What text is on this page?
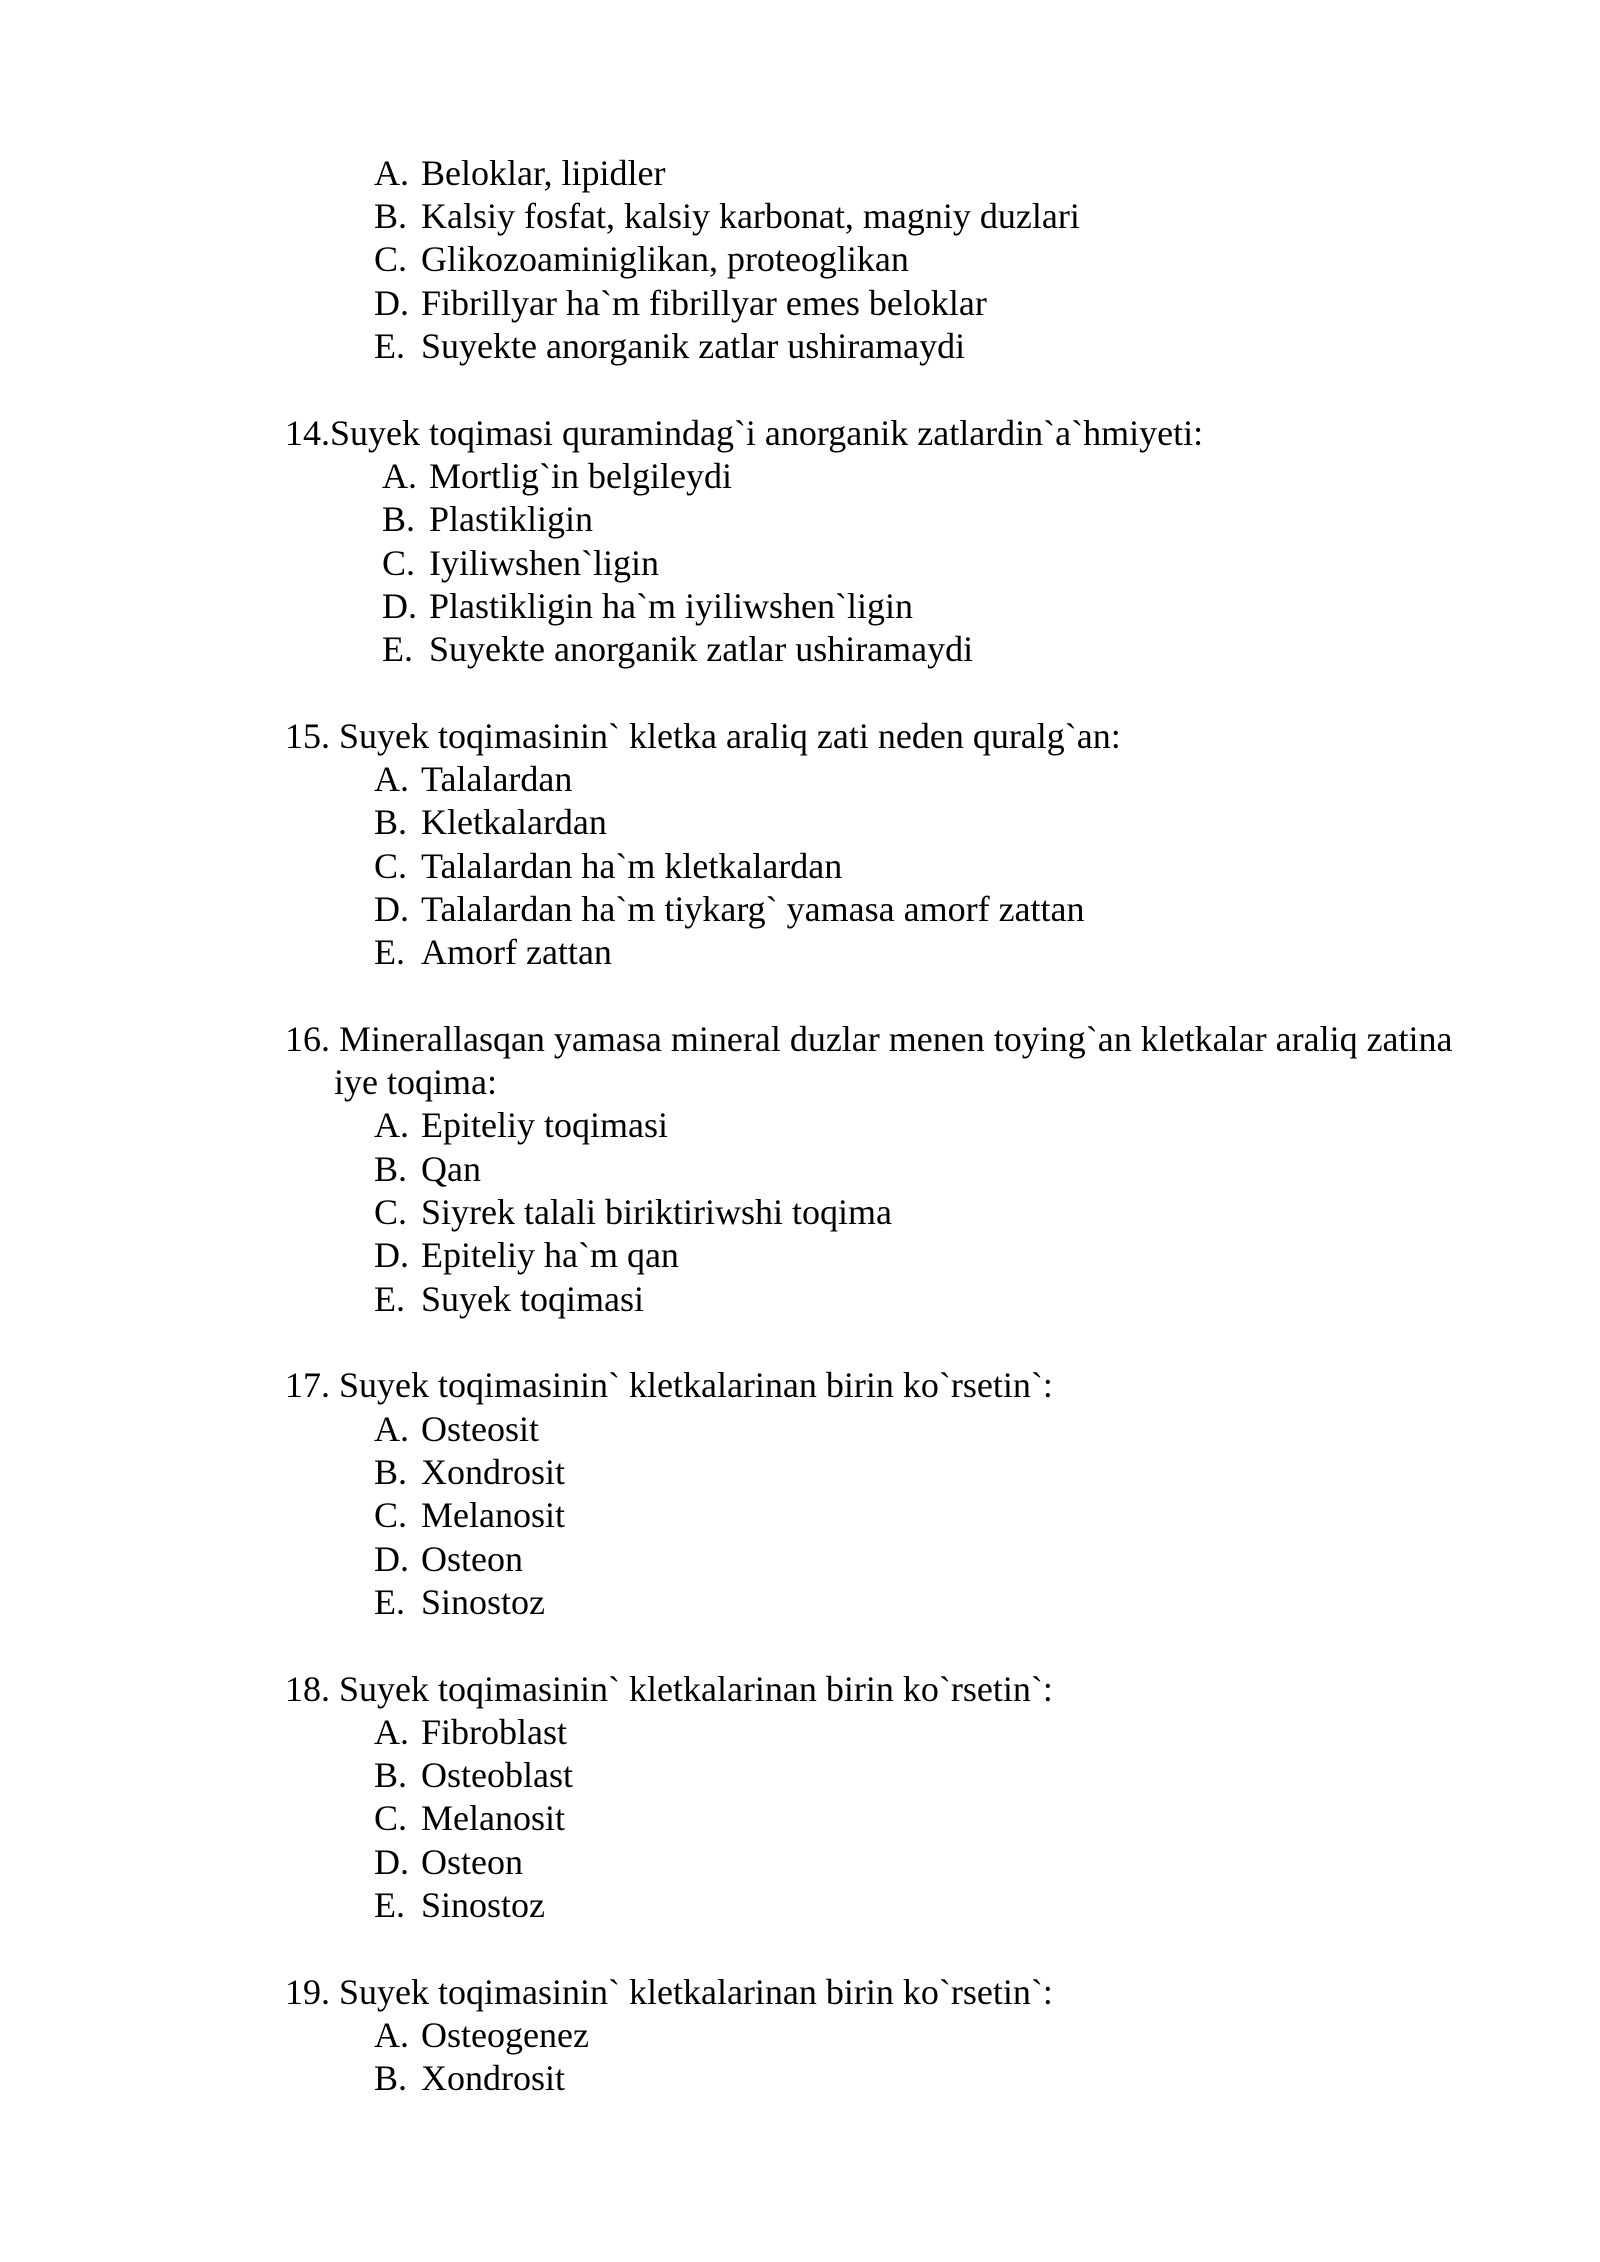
A. Beloklar, lipidler
B. Kalsiy fosfat, kalsiy karbonat, magniy duzlari
C. Glikozoaminiglikan, proteoglikan
D. Fibrillyar ha`m fibrillyar emes beloklar
E. Suyekte anorganik zatlar ushiramaydi
14.Suyek toqimasi quramindag`i anorganik zatlardin`a`hmiyeti:
A. Mortlig`in belgileydi
B. Plastikligin
C. Iyiliwshen`ligin
D. Plastikligin ha`m iyiliwshen`ligin
E. Suyekte anorganik zatlar ushiramaydi
15. Suyek toqimasinin` kletka araliq zati neden quralg`an:
A. Talalardan
B. Kletkalardan
C. Talalardan ha`m kletkalardan
D. Talalardan ha`m tiykarg` yamasa amorf zattan
E. Amorf zattan
16. Minerallasqan yamasa mineral duzlar menen toying`an kletkalar araliq zatina
iye toqima:
A. Epiteliy toqimasi
B. Qan
C. Siyrek talali biriktiriwshi toqima
D. Epiteliy ha`m qan
E. Suyek toqimasi
17. Suyek toqimasinin` kletkalarinan birin ko`rsetin`:
A. Osteosit
B. Xondrosit
C. Melanosit
D. Osteon
E. Sinostoz
18. Suyek toqimasinin` kletkalarinan birin ko`rsetin`:
A. Fibroblast
B. Osteoblast
C. Melanosit
D. Osteon
E. Sinostoz
19. Suyek toqimasinin` kletkalarinan birin ko`rsetin`:
A. Osteogenez
B. Xondrosit
